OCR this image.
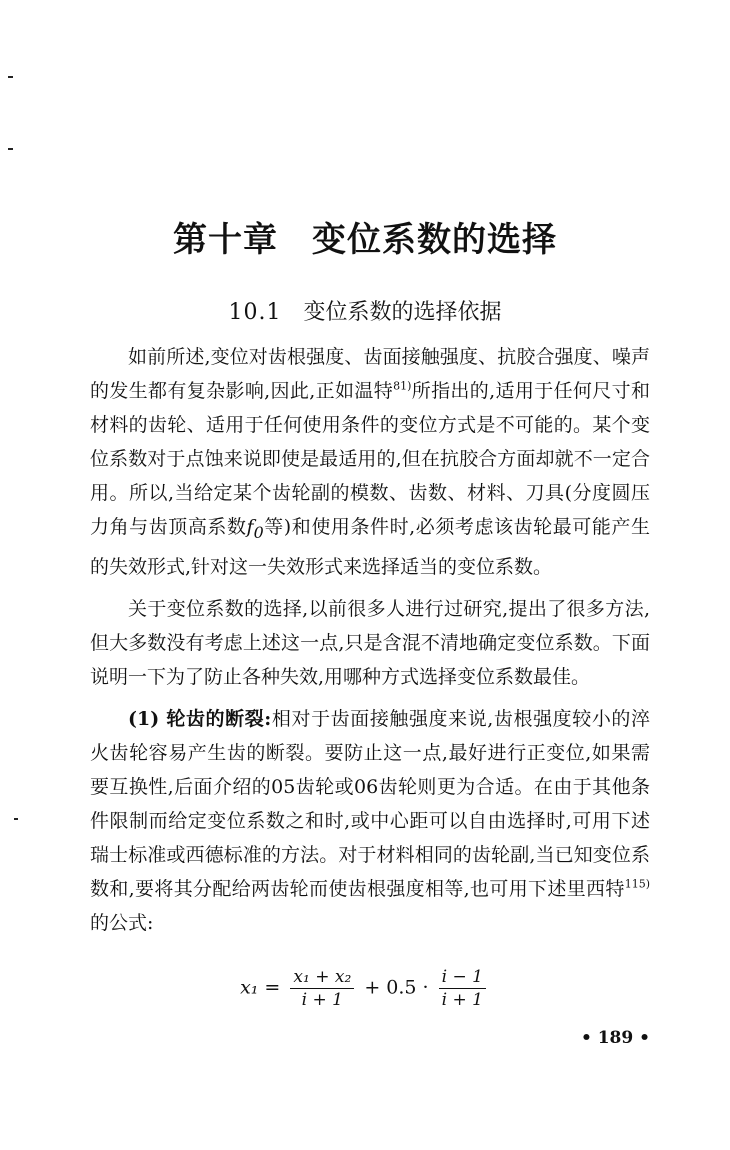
第十章 变位系数的选择
10.1 变位系数的选择依据

如前所述,变位对齿根强度、齿面接触强度、抗胶合强度、噪声的发生都有复杂影响,因此,正如温特$^{81)}$所指出的,适用于任何尺寸和材料的齿轮、适用于任何使用条件的变位方式是不可能的。某个变位系数对于点蚀来说即使是最适用的,但在抗胶合方面却就不一定合用。所以,当给定某个齿轮副的模数、齿数、材料、刀具(分度圆压力角与齿顶高系数$f_0$等)和使用条件时,必须考虑该齿轮最可能产生的失效形式,针对这一失效形式来选择适当的变位系数。

关于变位系数的选择,以前很多人进行过研究,提出了很多方法,但大多数没有考虑上述这一点,只是含混不清地确定变位系数。下面说明一下为了防止各种失效,用哪种方式选择变位系数最佳。

(1) 轮齿的断裂:相对于齿面接触强度来说,齿根强度较小的淬火齿轮容易产生齿的断裂。要防止这一点,最好进行正变位,如果需要互换性,后面介绍的05齿轮或06齿轮则更为合适。在由于其他条件限制而给定变位系数之和时,或中心距可以自由选择时,可用下述瑞士标准或西德标准的方法。对于材料相同的齿轮副,当已知变位系数和,要将其分配给两齿轮而使齿根强度相等,也可用下述里西特$^{115)}$的公式:

$x_1 = \frac{\text{x₁ + x₂}}{i + 1} + 0.5 \cdot \frac{i - 1}{i + 1}$
• 189 •
